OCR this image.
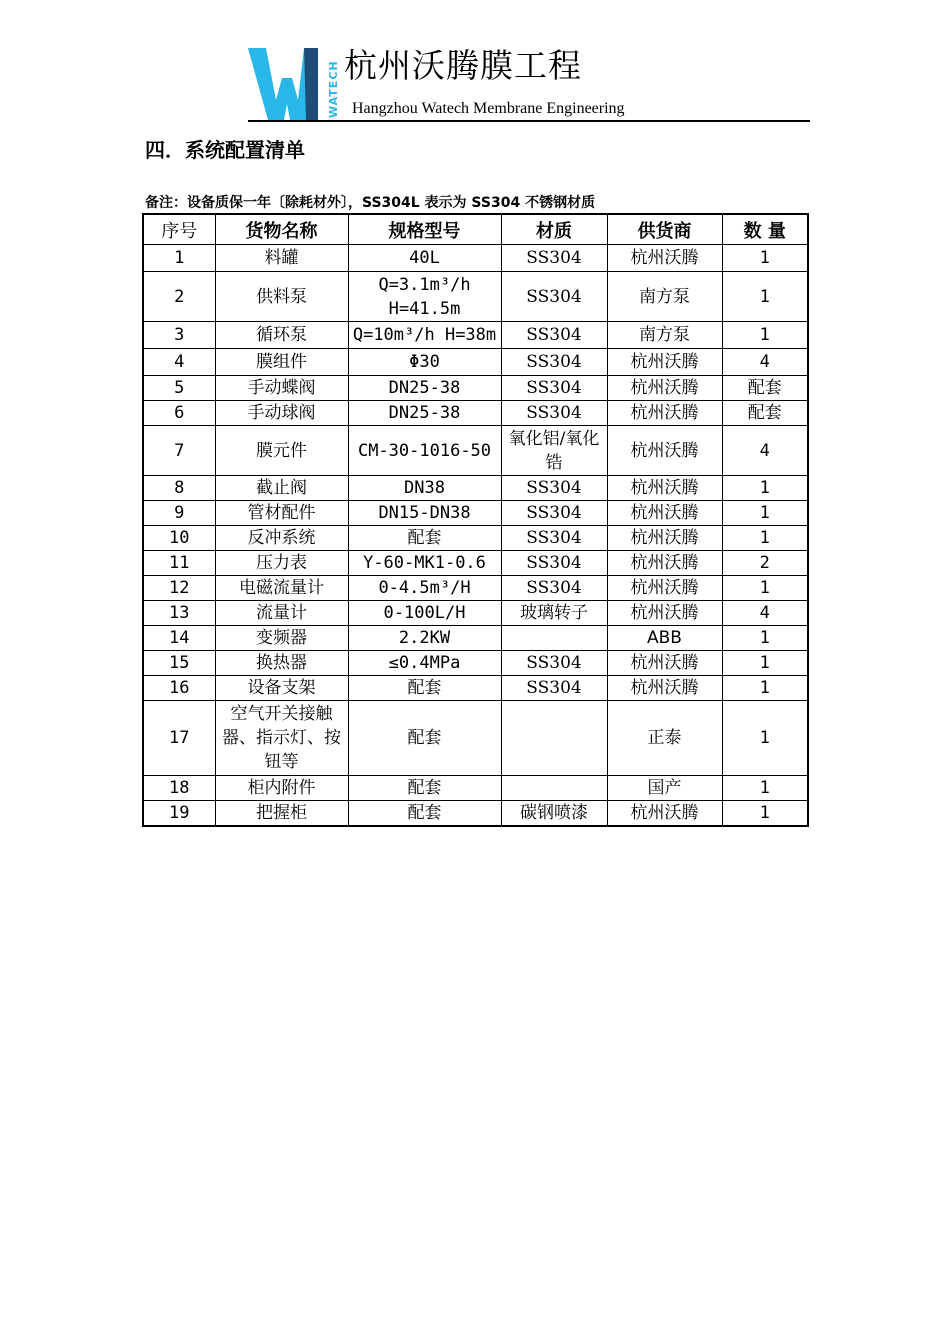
WATECH 杭州沃腾膜工程
Hangzhou Watech Membrane Engineering
四．系统配置清单
备注：设备质保一年〔除耗材外〕，SS304L 表示为 SS304 不锈钢材质
序号	货物名称	规格型号	材质	供货商	数 量
1	料罐	40L	SS304	杭州沃腾	1
2	供料泵	Q=3.1m³/h H=41.5m	SS304	南方泵	1
3	循环泵	Q=10m³/h H=38m	SS304	南方泵	1
4	膜组件	Φ30	SS304	杭州沃腾	4
5	手动蝶阀	DN25-38	SS304	杭州沃腾	配套
6	手动球阀	DN25-38	SS304	杭州沃腾	配套
7	膜元件	CM-30-1016-50	氧化铝/氧化锆	杭州沃腾	4
8	截止阀	DN38	SS304	杭州沃腾	1
9	管材配件	DN15-DN38	SS304	杭州沃腾	1
10	反冲系统	配套	SS304	杭州沃腾	1
11	压力表	Y-60-MK1-0.6	SS304	杭州沃腾	2
12	电磁流量计	0-4.5m³/H	SS304	杭州沃腾	1
13	流量计	0-100L/H	玻璃转子	杭州沃腾	4
14	变频器	2.2KW		ABB	1
15	换热器	≤0.4MPa	SS304	杭州沃腾	1
16	设备支架	配套	SS304	杭州沃腾	1
17	空气开关接触器、指示灯、按钮等	配套		正泰	1
18	柜内附件	配套		国产	1
19	把握柜	配套	碳钢喷漆	杭州沃腾	1
